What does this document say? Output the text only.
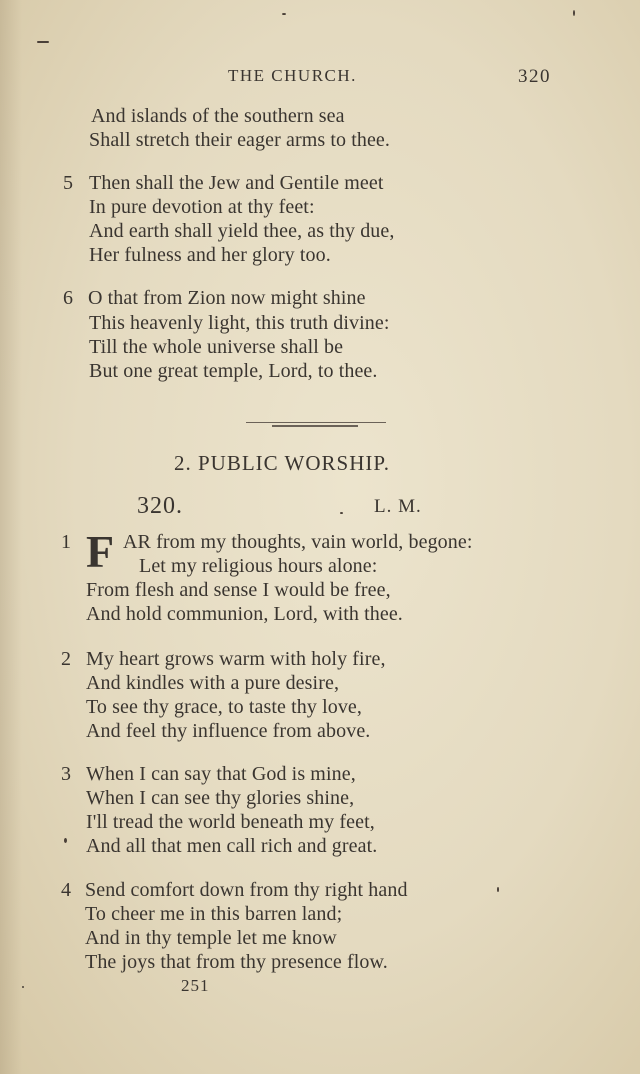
THE CHURCH.	320
And islands of the southern sea
Shall stretch their eager arms to thee.
5 Then shall the Jew and Gentile meet
In pure devotion at thy feet:
And earth shall yield thee, as thy due,
Her fulness and her glory too.
6 O that from Zion now might shine
This heavenly light, this truth divine:
Till the whole universe shall be
But one great temple, Lord, to thee.
2. PUBLIC WORSHIP.
320.	L. M.
1 F AR from my thoughts, vain world, begone:
Let my religious hours alone:
From flesh and sense I would be free,
And hold communion, Lord, with thee.
2 My heart grows warm with holy fire,
And kindles with a pure desire,
To see thy grace, to taste thy love,
And feel thy influence from above.
3 When I can say that God is mine,
When I can see thy glories shine,
I'll tread the world beneath my feet,
And all that men call rich and great.
4 Send comfort down from thy right hand
To cheer me in this barren land;
And in thy temple let me know
The joys that from thy presence flow.
251
